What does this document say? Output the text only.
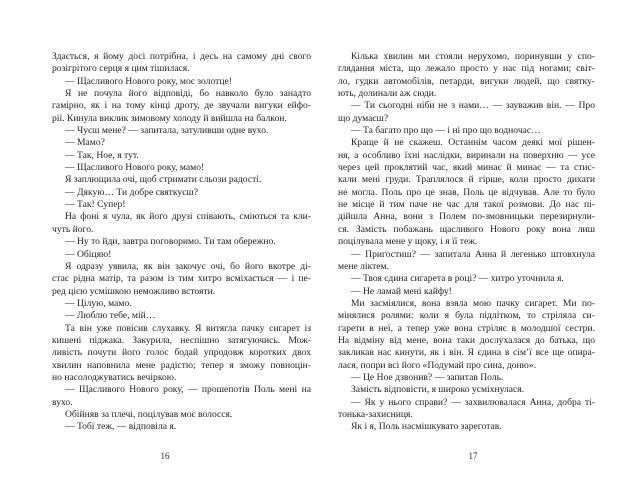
Здається, я йому досі потрібна, і десь на самому дні свого
розігрітого серця я цим тішилася.
— Щасливого Нового року, моє золотце!
Я не почула його відповіді, бо навколо було занадто
гамірно, як і на тому кінці дроту, де звучали вигуки ейфо-
рії. Кинула виклик зимовому холоду й вийшла на балкон.
— Чуєш мене? — запитала, затуливши одне вухо.
— Мамо?
— Так, Ное, я тут.
— Щасливого Нового року, мамо!
Я заплющила очі, щоб стримати сльози радості.
— Дякую… Ти добре святкуєш?
— Так! Супер!
На фоні я чула, як його друзі співають, сміються та кли-
чуть його.
— Ну то йди, завтра поговоримо. Ти там обережно.
— Обіцяю!
Я одразу уявила, як він закочує очі, бо його вкотре ді-
стає рідна матір, та разом із тим хитро всміхається — і пе-
ред цією усмішкою неможливо встояти.
— Цілую, мамо.
— Люблю тебе, мій…
Та він уже повісив слухавку. Я витягла пачку сигарет із
кишені піджака. Закурила, неспішно затягуючись. Мож-
ливість почути його голос бодай упродовж коротких двох
хвилин наповнила мене радістю; тепер я зможу повноцін-
но насолоджуватись вечіркою.
— Щасливого Нового року, — прошепотів Поль мені на
вухо.
Обійняв за плечі, поцілував моє волосся.
— Тобі теж, — відповіла я.
Кілька хвилин ми стояли нерухомо, поринувши у спо-
глядання міста, що лежало просто у нас під ногами; світ-
ло, гудки автомобілів, петарди, вигуки людей, що святку-
ють, долинали аж сюди.
— Ти сьогодні ніби не з нами… — зауважив він. — Про
що думаєш?
— Та багато про що — і ні про що водночас…
Краще й не скажеш. Останнім часом деякі мої рішен-
ня, а особливо їхні наслідки, виринали на поверхню — усе
через цей проклятий час, який минає й минає — та стис-
кали мені груди. Траплялося й гірше, коли просто дихати
не могла. Поль про це знав, Поль це відчував. Але то було
не місце й тим паче не час для такої розмови. До нас пі-
дійшла Анна, вони з Полем по-змовницьки перезирнули-
ся. Замість побажань щасливого Нового року вона лиш
поцілувала мене у щоку, і я її теж.
— Пригостиш? — запитала Анна й легенько штовхнула
мене ліктем.
— Твоя єдина сигарета в році? — хитро уточнила я.
— Не ламай мені кайфу!
Ми засміялися, вона взяла мою пачку сигарет. Ми по-
мінялися ролями: коли я була підлітком, то стріляла си-
гарети в неї, а тепер уже вона стріляє в молодшої сестри.
На відміну від мене, вона таки дослухалася до батька, що
закликав нас кинути, як і він. Я єдина в сім’ї все ще опира-
лася, попри всі його «Подумай про сина, доню».
— Це Ное дзвонив? — запитав Поль.
Замість відповісти, я широко усміхнулася.
— Як у нього справи? — захвилювалася Анна, добра ті-
тонька-захисниця.
Як і я, Поль насмішкувато зареготав.
16	17
